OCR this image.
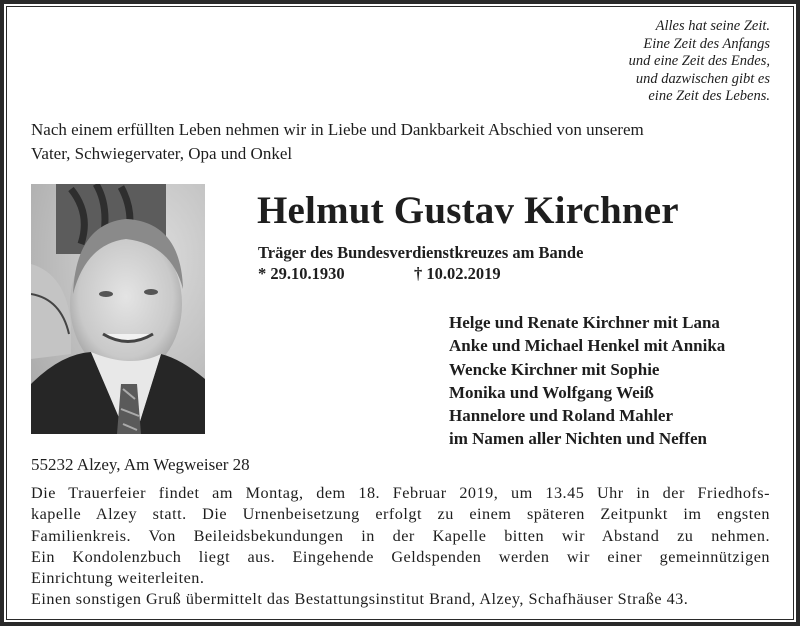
Alles hat seine Zeit.
Eine Zeit des Anfangs
und eine Zeit des Endes,
und dazwischen gibt es
eine Zeit des Lebens.
Nach einem erfüllten Leben nehmen wir in Liebe und Dankbarkeit Abschied von unserem
Vater, Schwiegervater, Opa und Onkel
Helmut Gustav Kirchner
Träger des Bundesverdienstkreuzes am Bande
* 29.10.1930	† 10.02.2019
Helge und Renate Kirchner mit Lana
Anke und Michael Henkel mit Annika
Wencke Kirchner mit Sophie
Monika und Wolfgang Weiß
Hannelore und Roland Mahler
im Namen aller Nichten und Neffen
55232 Alzey, Am Wegweiser 28
Die Trauerfeier findet am Montag, dem 18. Februar 2019, um 13.45 Uhr in der Friedhofs-
kapelle Alzey statt. Die Urnenbeisetzung erfolgt zu einem späteren Zeitpunkt im engsten
Familienkreis. Von Beileidsbekundungen in der Kapelle bitten wir Abstand zu nehmen.
Ein Kondolenzbuch liegt aus. Eingehende Geldspenden werden wir einer gemeinnützigen
Einrichtung weiterleiten.
Einen sonstigen Gruß übermittelt das Bestattungsinstitut Brand, Alzey, Schafhäuser Straße 43.
